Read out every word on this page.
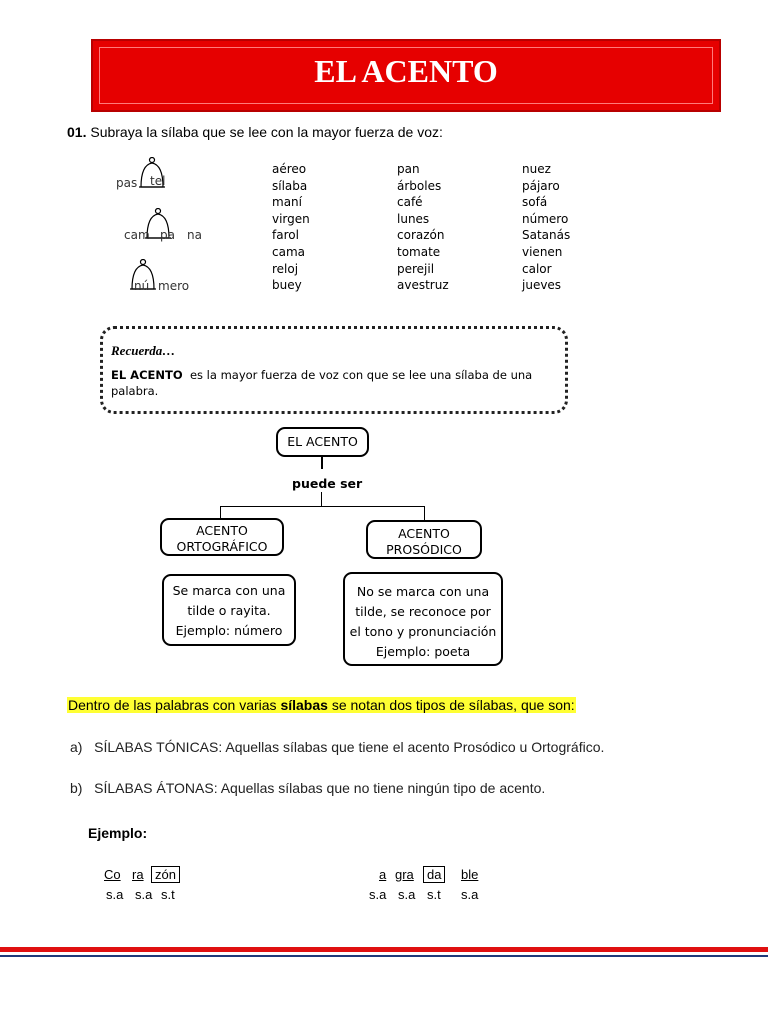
EL ACENTO
01. Subraya la sílaba que se lee con la mayor fuerza de voz:
pas tel
cam pa na
nú mero
aéreo
sílaba
maní
virgen
farol
cama
reloj
buey
pan
árboles
café
lunes
corazón
tomate
perejil
avestruz
nuez
pájaro
sofá
número
Satanás
vienen
calor
jueves
Recuerda…
EL ACENTO es la mayor fuerza de voz con que se lee una sílaba de una palabra.
EL ACENTO
puede ser
ACENTO
ORTOGRÁFICO
ACENTO
PROSÓDICO
Se marca con una
tilde o rayita.
Ejemplo: número
No se marca con una
tilde, se reconoce por
el tono y pronunciación
Ejemplo: poeta
Dentro de las palabras con varias sílabas se notan dos tipos de sílabas, que son:
a) SÍLABAS TÓNICAS: Aquellas sílabas que tiene el acento Prosódico u Ortográfico.
b) SÍLABAS ÁTONAS: Aquellas sílabas que no tiene ningún tipo de acento.
Ejemplo:
Co ra zón
s.a s.a s.t
a gra	da	ble
s.a s.a s.t s.a
